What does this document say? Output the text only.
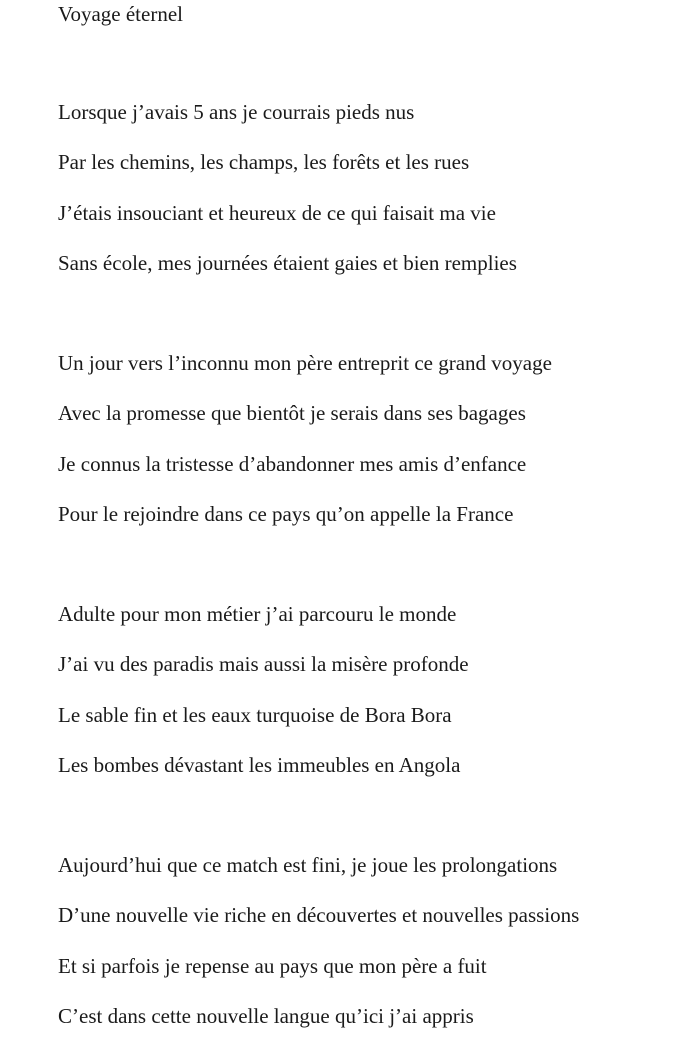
Voyage éternel
Lorsque j’avais 5 ans je courrais pieds nus
Par les chemins, les champs, les forêts et les rues
J’étais insouciant et heureux de ce qui faisait ma vie
Sans école, mes journées étaient gaies et bien remplies
Un jour vers l’inconnu mon père entreprit ce grand voyage
Avec la promesse que bientôt je serais dans ses bagages
Je connus la tristesse d’abandonner mes amis d’enfance
Pour le rejoindre dans ce pays qu’on appelle la France
Adulte pour mon métier j’ai parcouru le monde
J’ai vu des paradis mais aussi la misère profonde
Le sable fin et les eaux turquoise de Bora Bora
Les bombes dévastant les immeubles en Angola
Aujourd’hui que ce match est fini, je joue les prolongations
D’une nouvelle vie riche en découvertes et nouvelles passions
Et si parfois je repense au pays que mon père a fuit
C’est dans cette nouvelle langue qu’ici j’ai appris
